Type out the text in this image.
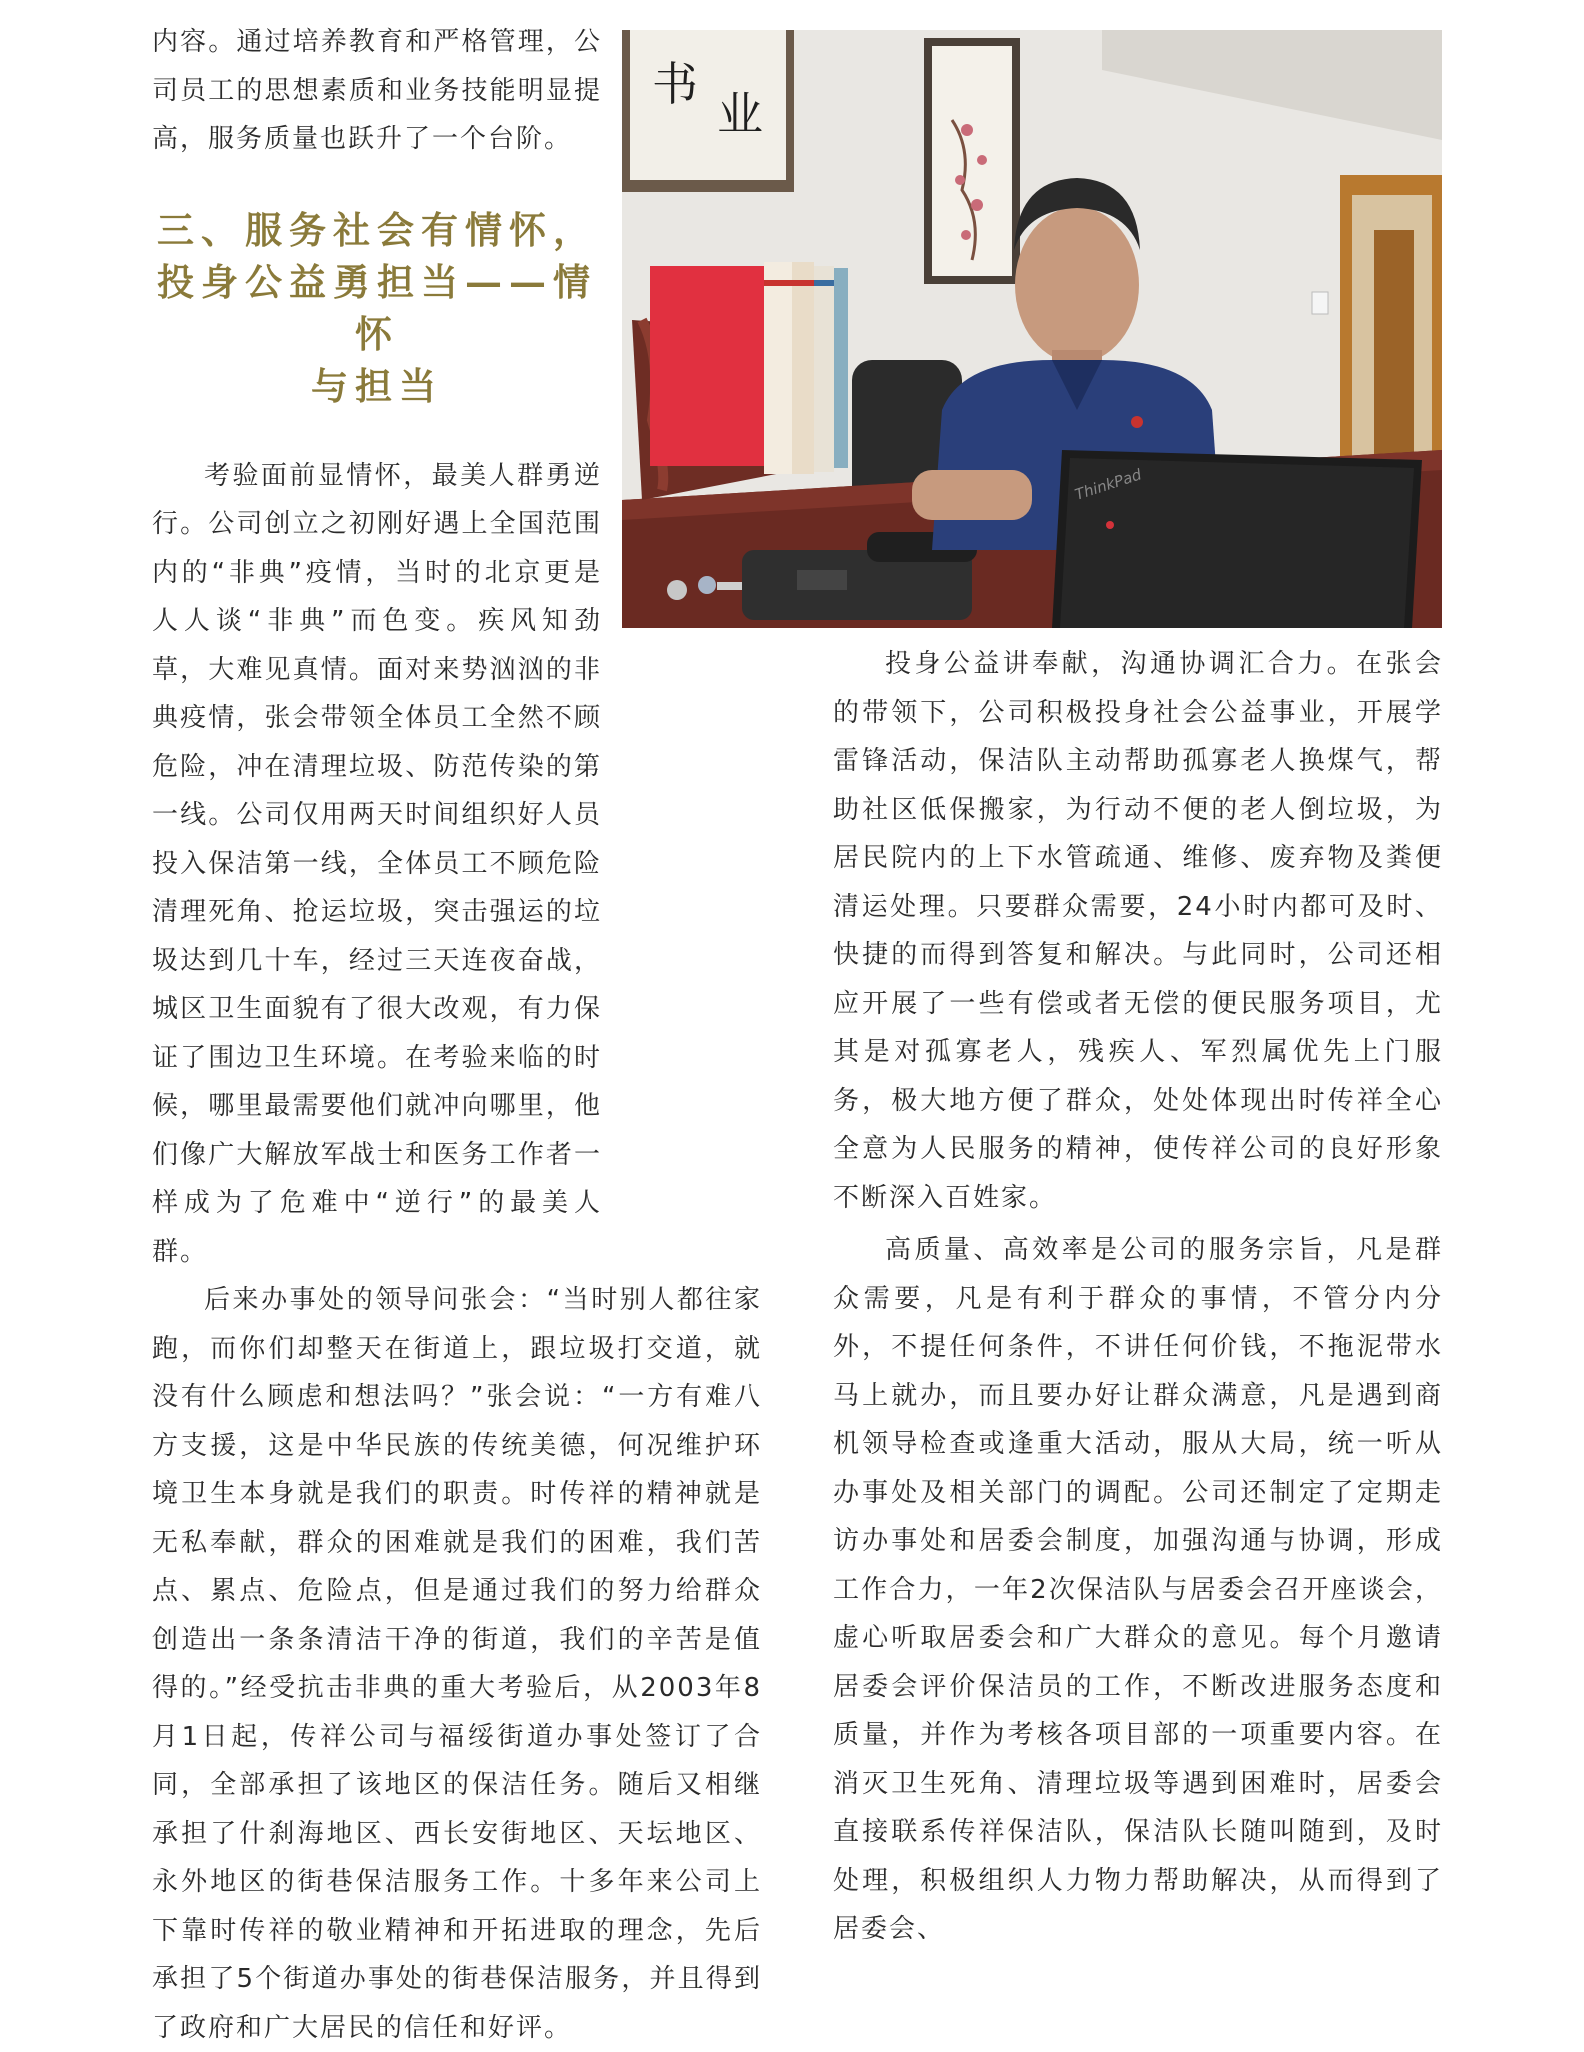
内容。通过培养教育和严格管理，公司员工的思想素质和业务技能明显提高，服务质量也跃升了一个台阶。

三、服务社会有情怀，
投身公益勇担当——情怀
与担当

考验面前显情怀，最美人群勇逆行。公司创立之初刚好遇上全国范围内的“非典”疫情，当时的北京更是人人谈“非典”而色变。疾风知劲草，大难见真情。面对来势汹汹的非典疫情，张会带领全体员工全然不顾危险，冲在清理垃圾、防范传染的第一线。公司仅用两天时间组织好人员投入保洁第一线，全体员工不顾危险清理死角、抢运垃圾，突击强运的垃圾达到几十车，经过三天连夜奋战，城区卫生面貌有了很大改观，有力保证了围边卫生环境。在考验来临的时候，哪里最需要他们就冲向哪里，他们像广大解放军战士和医务工作者一样成为了危难中“逆行”的最美人群。

后来办事处的领导问张会：“当时别人都往家跑，而你们却整天在街道上，跟垃圾打交道，就没有什么顾虑和想法吗？”张会说：“一方有难八方支援，这是中华民族的传统美德，何况维护环境卫生本身就是我们的职责。时传祥的精神就是无私奉献，群众的困难就是我们的困难，我们苦点、累点、危险点，但是通过我们的努力给群众创造出一条条清洁干净的街道，我们的辛苦是值得的。”经受抗击非典的重大考验后，从2003年8月1日起，传祥公司与福绥街道办事处签订了合同，全部承担了该地区的保洁任务。随后又相继承担了什刹海地区、西长安街地区、天坛地区、永外地区的街巷保洁服务工作。十多年来公司上下靠时传祥的敬业精神和开拓进取的理念，先后承担了5个街道办事处的街巷保洁服务，并且得到了政府和广大居民的信任和好评。

书
业
ThinkPad

投身公益讲奉献，沟通协调汇合力。在张会的带领下，公司积极投身社会公益事业，开展学雷锋活动，保洁队主动帮助孤寡老人换煤气，帮助社区低保搬家，为行动不便的老人倒垃圾，为居民院内的上下水管疏通、维修、废弃物及粪便清运处理。只要群众需要，24小时内都可及时、快捷的而得到答复和解决。与此同时，公司还相应开展了一些有偿或者无偿的便民服务项目，尤其是对孤寡老人，残疾人、军烈属优先上门服务，极大地方便了群众，处处体现出时传祥全心全意为人民服务的精神，使传祥公司的良好形象不断深入百姓家。

高质量、高效率是公司的服务宗旨，凡是群众需要，凡是有利于群众的事情，不管分内分外，不提任何条件，不讲任何价钱，不拖泥带水马上就办，而且要办好让群众满意，凡是遇到商机领导检查或逢重大活动，服从大局，统一听从办事处及相关部门的调配。公司还制定了定期走访办事处和居委会制度，加强沟通与协调，形成工作合力，一年2次保洁队与居委会召开座谈会，虚心听取居委会和广大群众的意见。每个月邀请居委会评价保洁员的工作，不断改进服务态度和质量，并作为考核各项目部的一项重要内容。在消灭卫生死角、清理垃圾等遇到困难时，居委会直接联系传祥保洁队，保洁队长随叫随到，及时处理，积极组织人力物力帮助解决，从而得到了居委会、
